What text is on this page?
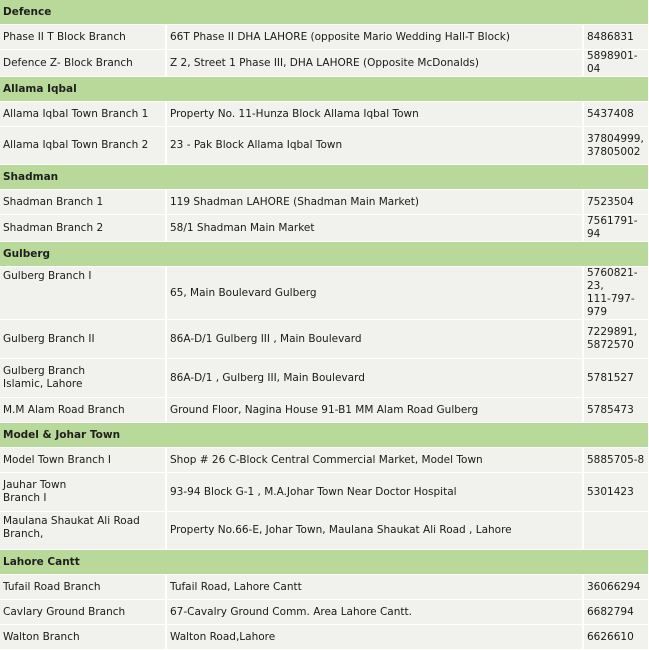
Defence		
Phase II T Block Branch	66T Phase II DHA LAHORE (opposite Mario Wedding Hall-T Block)	8486831
Defence Z- Block Branch	Z 2, Street 1 Phase III, DHA LAHORE (Opposite McDonalds)	5898901-04
Allama Iqbal		
Allama Iqbal Town Branch 1	Property No. 11-Hunza Block Allama Iqbal Town	5437408
Allama Iqbal Town Branch 2	23 - Pak Block Allama Iqbal Town	37804999,
37805002

Shadman		
Shadman Branch 1	119 Shadman LAHORE (Shadman Main Market)	7523504
Shadman Branch 2	58/1 Shadman Main Market	7561791-94
Gulberg		
Gulberg Branch I	65, Main Boulevard Gulberg	5760821-23,
111-797-979

Gulberg Branch II	86A-D/1 Gulberg III , Main Boulevard	7229891,
5872570

Gulberg Branch
Islamic, Lahore	86A-D/1 , Gulberg III, Main Boulevard	5781527
M.M Alam Road Branch	Ground Floor, Nagina House 91-B1 MM Alam Road Gulberg	5785473
Model & Johar Town		
Model Town Branch I	Shop # 26 C-Block Central Commercial Market, Model Town	5885705-8

Jauhar Town
Branch I	93-94 Block G-1 , M.A.Johar Town Near Doctor Hospital	5301423

Maulana Shaukat Ali Road
Branch,	Property No.66-E, Johar Town, Maulana Shaukat Ali Road , Lahore	
Lahore Cantt		
Tufail Road Branch	Tufail Road, Lahore Cantt	36066294
Cavlary Ground Branch	67-Cavalry Ground Comm. Area Lahore Cantt.	6682794
Walton Branch	Walton Road,Lahore	6626610
